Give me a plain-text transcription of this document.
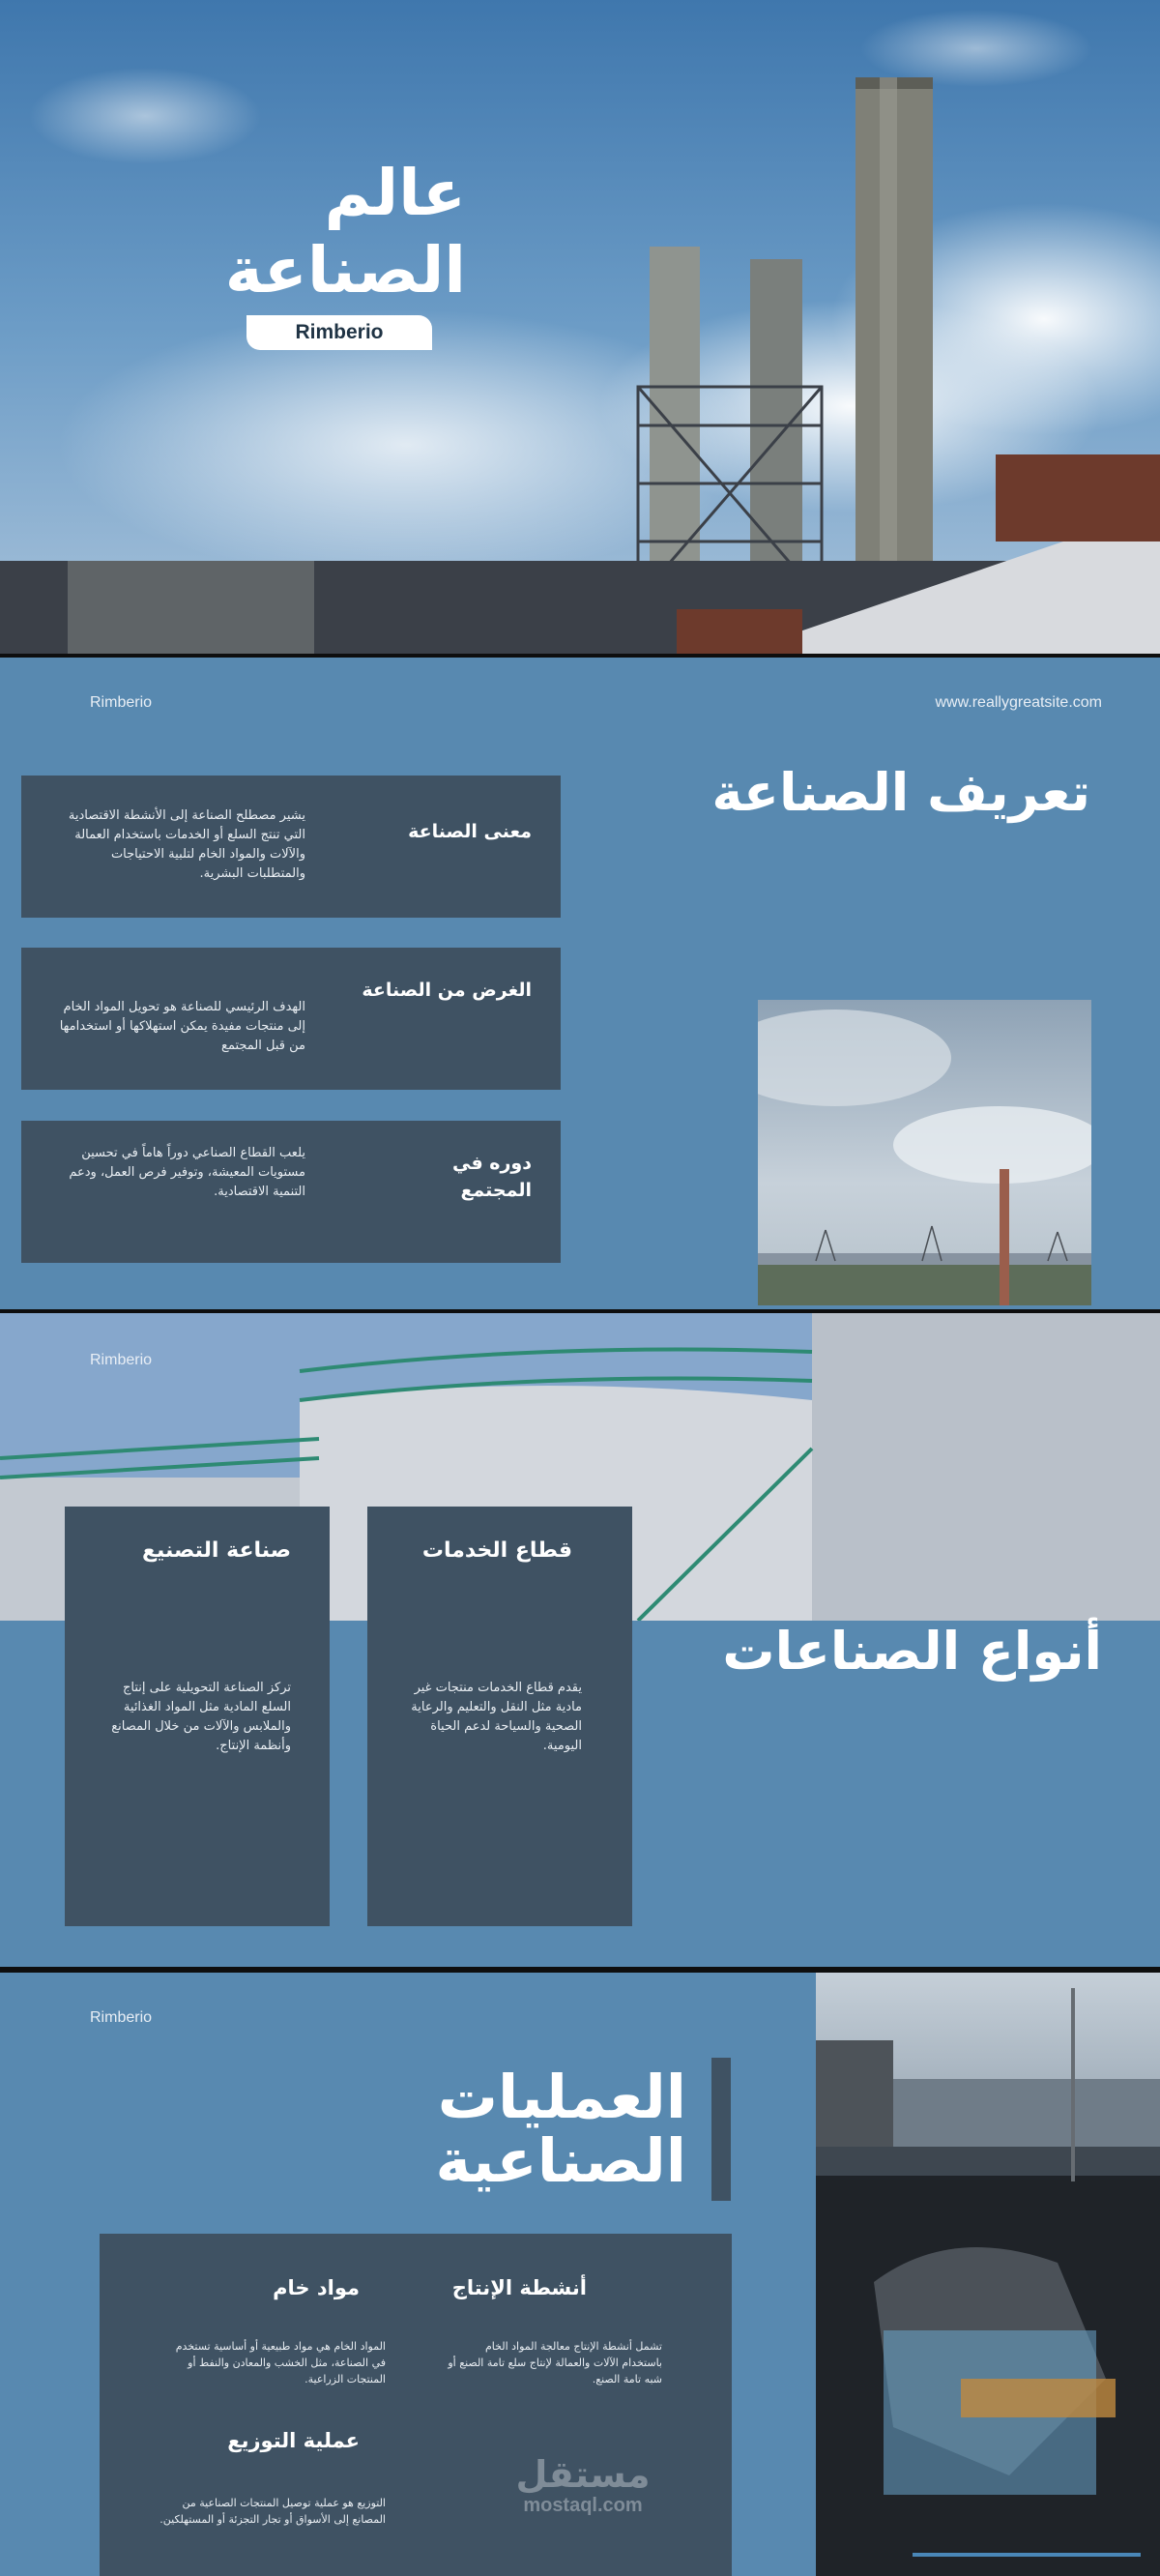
عالم
الصناعة
Rimberio
Rimberio	www.reallygreatsite.com
تعريف الصناعة
معنى الصناعة
يشير مصطلح الصناعة إلى الأنشطة الاقتصادية التي تنتج السلع أو الخدمات باستخدام العمالة والآلات والمواد الخام لتلبية الاحتياجات والمتطلبات البشرية.
الغرض من الصناعة
الهدف الرئيسي للصناعة هو تحويل المواد الخام إلى منتجات مفيدة يمكن استهلاكها أو استخدامها من قبل المجتمع
دوره في المجتمع
يلعب القطاع الصناعي دوراً هاماً في تحسين مستويات المعيشة، وتوفير فرص العمل، ودعم التنمية الاقتصادية.
Rimberio
أنواع الصناعات
قطاع الخدمات
يقدم قطاع الخدمات منتجات غير مادية مثل النقل والتعليم والرعاية الصحية والسياحة لدعم الحياة اليومية.
صناعة التصنيع
تركز الصناعة التحويلية على إنتاج السلع المادية مثل المواد الغذائية والملابس والآلات من خلال المصانع وأنظمة الإنتاج.
Rimberio
العمليات
الصناعية
أنشطة الإنتاج
تشمل أنشطة الإنتاج معالجة المواد الخام باستخدام الآلات والعمالة لإنتاج سلع تامة الصنع أو شبه تامة الصنع.
مواد خام
المواد الخام هي مواد طبيعية أو أساسية تستخدم في الصناعة، مثل الخشب والمعادن والنفط أو المنتجات الزراعية.
عملية التوزيع
التوزيع هو عملية توصيل المنتجات الصناعية من المصانع إلى الأسواق أو تجار التجزئة أو المستهلكين.
مستقل
mostaql.com
